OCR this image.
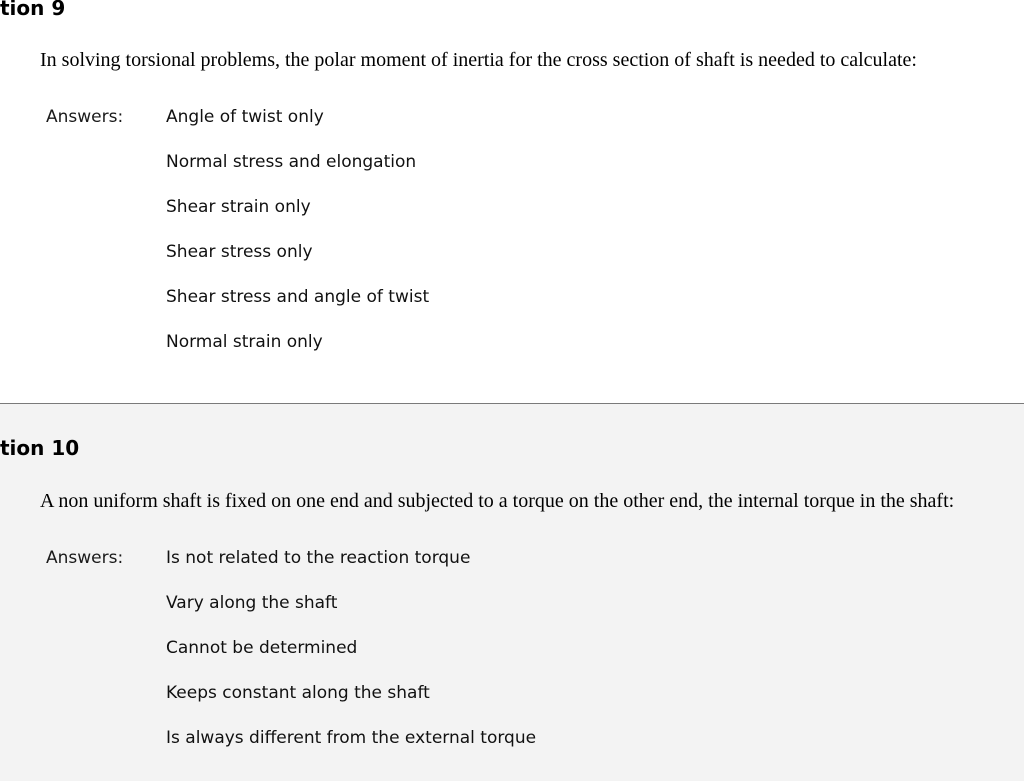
tion 9

In solving torsional problems, the polar moment of inertia for the cross section of shaft is needed to calculate:

Answers:	Angle of twist only
Normal stress and elongation
Shear strain only
Shear stress only
Shear stress and angle of twist
Normal strain only
tion 10

A non uniform shaft is fixed on one end and subjected to a torque on the other end, the internal torque in the shaft:

Answers:	Is not related to the reaction torque
Vary along the shaft
Cannot be determined
Keeps constant along the shaft
Is always different from the external torque
